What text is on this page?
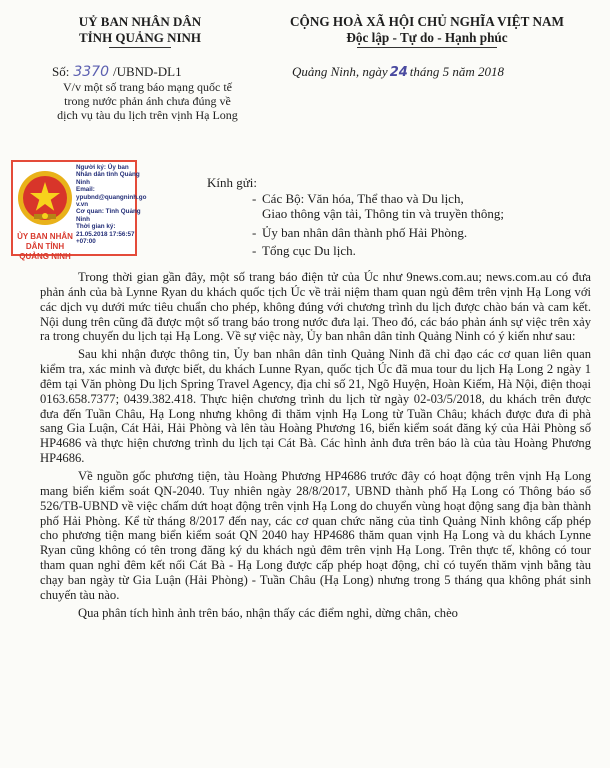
UỶ BAN NHÂN DÂN
TỈNH QUẢNG NINH
CỘNG HOÀ XÃ HỘI CHỦ NGHĨA VIỆT NAM
Độc lập - Tự do - Hạnh phúc
Số: 3370 /UBND-DL1
V/v một số trang báo mạng quốc tế trong nước phản ánh chưa đúng về dịch vụ tàu du lịch trên vịnh Hạ Long
Quảng Ninh, ngày 24 tháng 5 năm 2018
ỦY BAN NHÂN DÂN TỈNH QUẢNG NINH
Người ký: Ủy ban
Nhân dân tỉnh Quảng
Ninh
Email:
ypubnd@quangninh.go
v.vn
Cơ quan: Tỉnh Quảng
Ninh
Thời gian ký:
21.05.2018 17:56:57
+07:00
Kính gửi:
- Các Bộ: Văn hóa, Thể thao và Du lịch,
Giao thông vận tải, Thông tin và truyền thông;
- Ủy ban nhân dân thành phố Hải Phòng.
- Tổng cục Du lịch.

Trong thời gian gần đây, một số trang báo điện tử của Úc như 9news.com.au; news.com.au có đưa phản ánh của bà Lynne Ryan du khách quốc tịch Úc về trải niệm tham quan ngủ đêm trên vịnh Hạ Long với các dịch vụ dưới mức tiêu chuẩn cho phép, không đúng với chương trình du lịch được chào bán và cam kết. Nội dung trên cũng đã được một số trang báo trong nước đưa lại. Theo đó, các báo phản ánh sự việc trên xảy ra trong chuyến du lịch tại Hạ Long. Về sự việc này, Ủy ban nhân dân tỉnh Quảng Ninh có ý kiến như sau:

Sau khi nhận được thông tin, Ủy ban nhân dân tỉnh Quảng Ninh đã chỉ đạo các cơ quan liên quan kiểm tra, xác minh và được biết, du khách Lunne Ryan, quốc tịch Úc đã mua tour du lịch Hạ Long 2 ngày 1 đêm tại Văn phòng Du lịch Spring Travel Agency, địa chỉ số 21, Ngõ Huyện, Hoàn Kiếm, Hà Nội, điện thoại 0163.658.7377; 0439.382.418. Thực hiện chương trình du lịch từ ngày 02-03/5/2018, du khách trên được đưa đến Tuần Châu, Hạ Long nhưng không đi thăm vịnh Hạ Long từ Tuần Châu; khách được đưa đi phà sang Gia Luận, Cát Hải, Hải Phòng và lên tàu Hoàng Phương 16, biển kiểm soát đăng ký của Hải Phòng số HP4686 và thực hiện chương trình du lịch tại Cát Bà. Các hình ảnh đưa trên báo là của tàu Hoàng Phương HP4686.

Về nguồn gốc phương tiện, tàu Hoàng Phương HP4686 trước đây có hoạt động trên vịnh Hạ Long mang biển kiểm soát QN-2040. Tuy nhiên ngày 28/8/2017, UBND thành phố Hạ Long có Thông báo số 526/TB-UBND về việc chấm dứt hoạt động trên vịnh Hạ Long do chuyển vùng hoạt động sang địa bàn thành phố Hải Phòng. Kể từ tháng 8/2017 đến nay, các cơ quan chức năng của tỉnh Quảng Ninh không cấp phép cho phương tiện mang biển kiểm soát QN 2040 hay HP4686 thăm quan vịnh Hạ Long và du khách Lynne Ryan cũng không có tên trong đăng ký du khách ngủ đêm trên vịnh Hạ Long. Trên thực tế, không có tour tham quan nghỉ đêm kết nối Cát Bà - Hạ Long được cấp phép hoạt động, chỉ có tuyến thăm vịnh bằng tàu chạy ban ngày từ Gia Luận (Hải Phòng) - Tuần Châu (Hạ Long) nhưng trong 5 tháng qua không phát sinh chuyến tàu nào.

Qua phân tích hình ảnh trên báo, nhận thấy các điểm nghỉ, dừng chân, chèo
